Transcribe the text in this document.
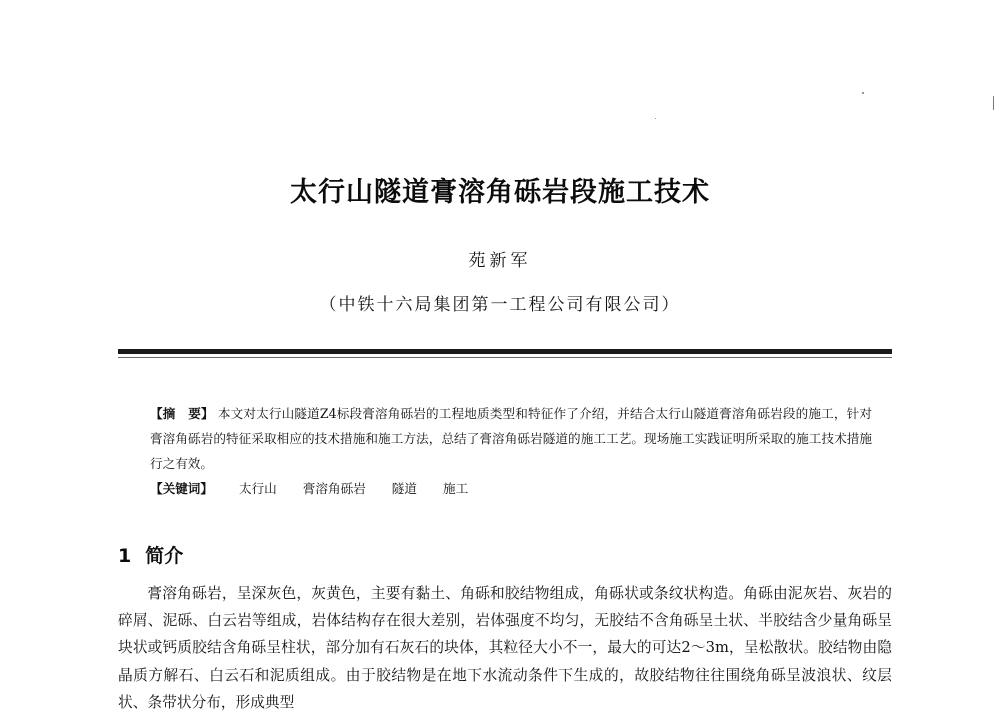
太行山隧道膏溶角砾岩段施工技术
苑新军
（中铁十六局集团第一工程公司有限公司）

【摘　要】 本文对太行山隧道Z4标段膏溶角砾岩的工程地质类型和特征作了介绍，并结合太行山隧道膏溶角砾岩段的施工，针对膏溶角砾岩的特征采取相应的技术措施和施工方法，总结了膏溶角砾岩隧道的施工工艺。现场施工实践证明所采取的施工技术措施行之有效。

【关键词】 太行山 膏溶角砾岩 隧道 施工

1 简介

膏溶角砾岩，呈深灰色，灰黄色，主要有黏土、角砾和胶结物组成，角砾状或条纹状构造。角砾由泥灰岩、灰岩的碎屑、泥砾、白云岩等组成，岩体结构存在很大差别，岩体强度不均匀，无胶结不含角砾呈土状、半胶结含少量角砾呈块状或钙质胶结含角砾呈柱状，部分加有石灰石的块体，其粒径大小不一，最大的可达2～3m，呈松散状。胶结物由隐晶质方解石、白云石和泥质组成。由于胶结物是在地下水流动条件下生成的，故胶结物往往围绕角砾呈波浪状、纹层状、条带状分布，形成典型
